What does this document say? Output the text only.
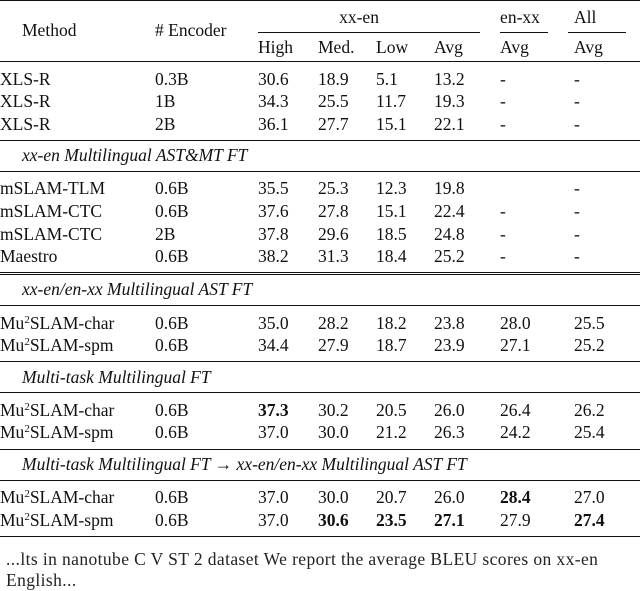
Method	# Encoder	xx-en				en-xx	All
		High	Med.	Low	Avg	Avg	Avg
XLS-R	0.3B	30.6	18.9	5.1	13.2	-	-
XLS-R	1B	34.3	25.5	11.7	19.3	-	-
XLS-R	2B	36.1	27.7	15.1	22.1	-	-
xx-en Multilingual AST&MT FT							
mSLAM-TLM	0.6B	35.5	25.3	12.3	19.8		-
mSLAM-CTC	0.6B	37.6	27.8	15.1	22.4	-	-
mSLAM-CTC	2B	37.8	29.6	18.5	24.8	-	-
Maestro	0.6B	38.2	31.3	18.4	25.2	-	-
xx-en/en-xx Multilingual AST FT							
Mu$^2$SLAM-char	0.6B	35.0	28.2	18.2	23.8	28.0	25.5
Mu$^2$SLAM-spm	0.6B	34.4	27.9	18.7	23.9	27.1	25.2
Multi-task Multilingual FT							
Mu$^2$SLAM-char	0.6B	37.3	30.2	20.5	26.0	26.4	26.2
Mu$^2$SLAM-spm	0.6B	37.0	30.0	21.2	26.3	24.2	25.4
Multi-task Multilingual FT → xx-en/en-xx Multilingual AST FT							
Mu$^2$SLAM-char	0.6B	37.0	30.0	20.7	26.0	28.4	27.0
Mu$^2$SLAM-spm	0.6B	37.0	30.6	23.5	27.1	27.9	27.4
...lts in nanotube C V ST 2 dataset We report the average BLEU scores on xx-en English...
